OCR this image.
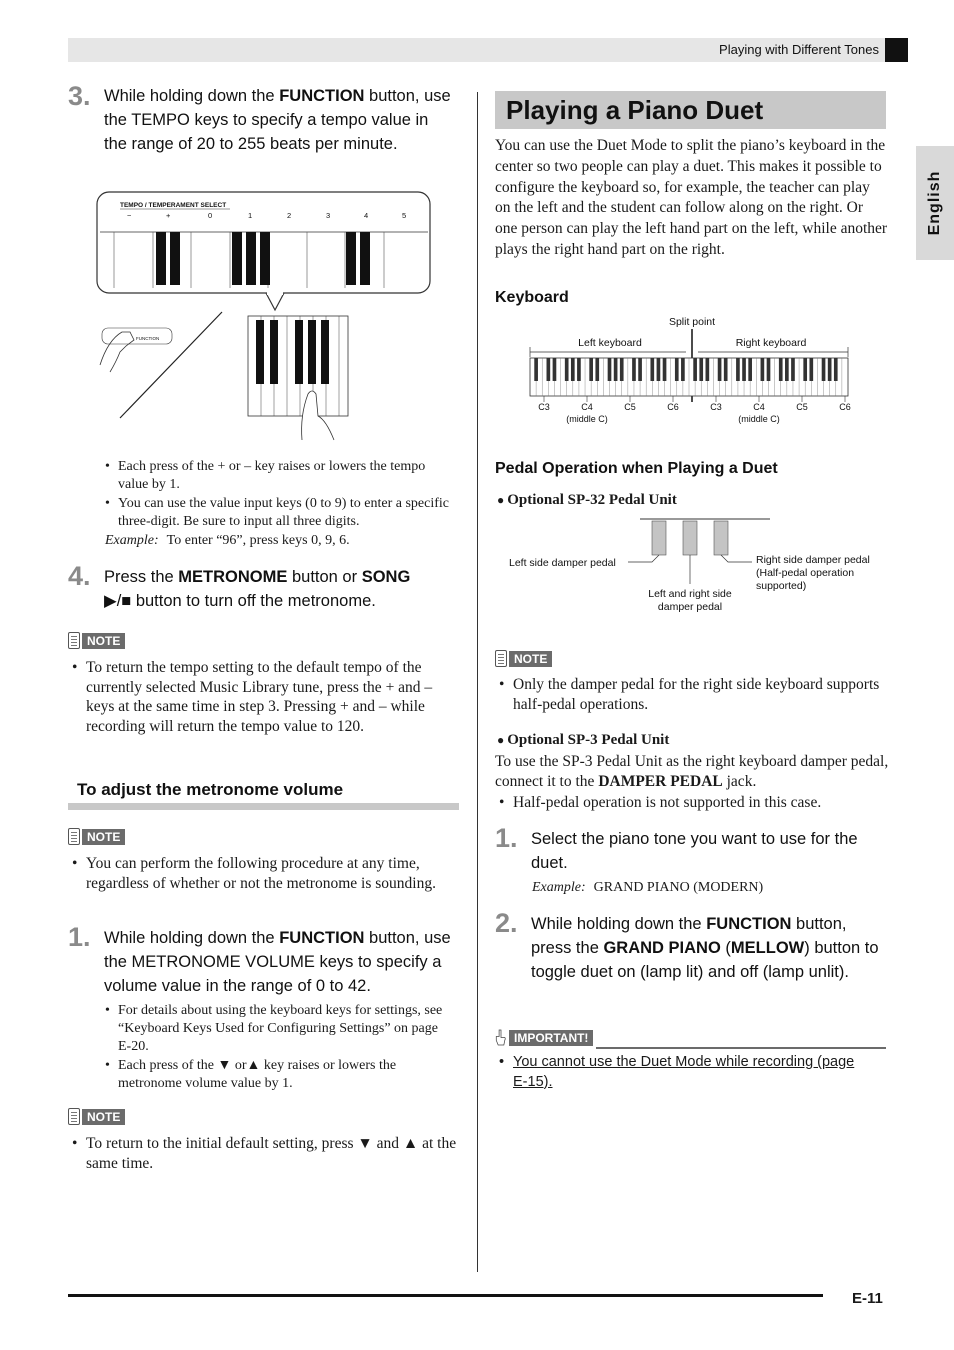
Playing with Different Tones
English
3. While holding down the FUNCTION button, use the TEMPO keys to specify a tempo value in the range of 20 to 255 beats per minute.
TEMPO / TEMPERAMENT SELECT
−	+	0	1	2	3	4	5
FUNCTION
• Each press of the + or – key raises or lowers the tempo value by 1.
• You can use the value input keys (0 to 9) to enter a specific three-digit. Be sure to input all three digits.
Example: To enter “96”, press keys 0, 9, 6.
4. Press the METRONOME button or SONG
▶/■ button to turn off the metronome.
NOTE
• To return the tempo setting to the default tempo of the currently selected Music Library tune, press the + and – keys at the same time in step 3. Pressing + and – while recording will return the tempo value to 120.
To adjust the metronome volume
NOTE
• You can perform the following procedure at any time, regardless of whether or not the metronome is sounding.
1. While holding down the FUNCTION button, use the METRONOME VOLUME keys to specify a volume value in the range of 0 to 42.
• For details about using the keyboard keys for settings, see “Keyboard Keys Used for Configuring Settings” on page E-20.
• Each press of the ▼ or▲ key raises or lowers the metronome volume value by 1.
NOTE
• To return to the initial default setting, press ▼ and ▲ at the same time.
Playing a Piano Duet
You can use the Duet Mode to split the piano’s keyboard in the center so two people can play a duet. This makes it possible to configure the keyboard so, for example, the teacher can play on the left and the student can follow along on the right. Or one person can play the left hand part on the left, while another plays the right hand part on the right.
Keyboard
Split point
Left keyboard	Right keyboard
C3	C4	C5	C6	C3	C4	C5	C6
(middle C)	(middle C)
Pedal Operation when Playing a Duet
● Optional SP-32 Pedal Unit
Left side damper pedal
Left and right side damper pedal
Right side damper pedal (Half-pedal operation supported)
NOTE
• Only the damper pedal for the right side keyboard supports half-pedal operations.
● Optional SP-3 Pedal Unit
To use the SP-3 Pedal Unit as the right keyboard damper pedal, connect it to the DAMPER PEDAL jack.
• Half-pedal operation is not supported in this case.
1. Select the piano tone you want to use for the duet.
Example: GRAND PIANO (MODERN)
2. While holding down the FUNCTION button, press the GRAND PIANO (MELLOW) button to toggle duet on (lamp lit) and off (lamp unlit).
IMPORTANT!
• You cannot use the Duet Mode while recording (page E-15).
E-11
